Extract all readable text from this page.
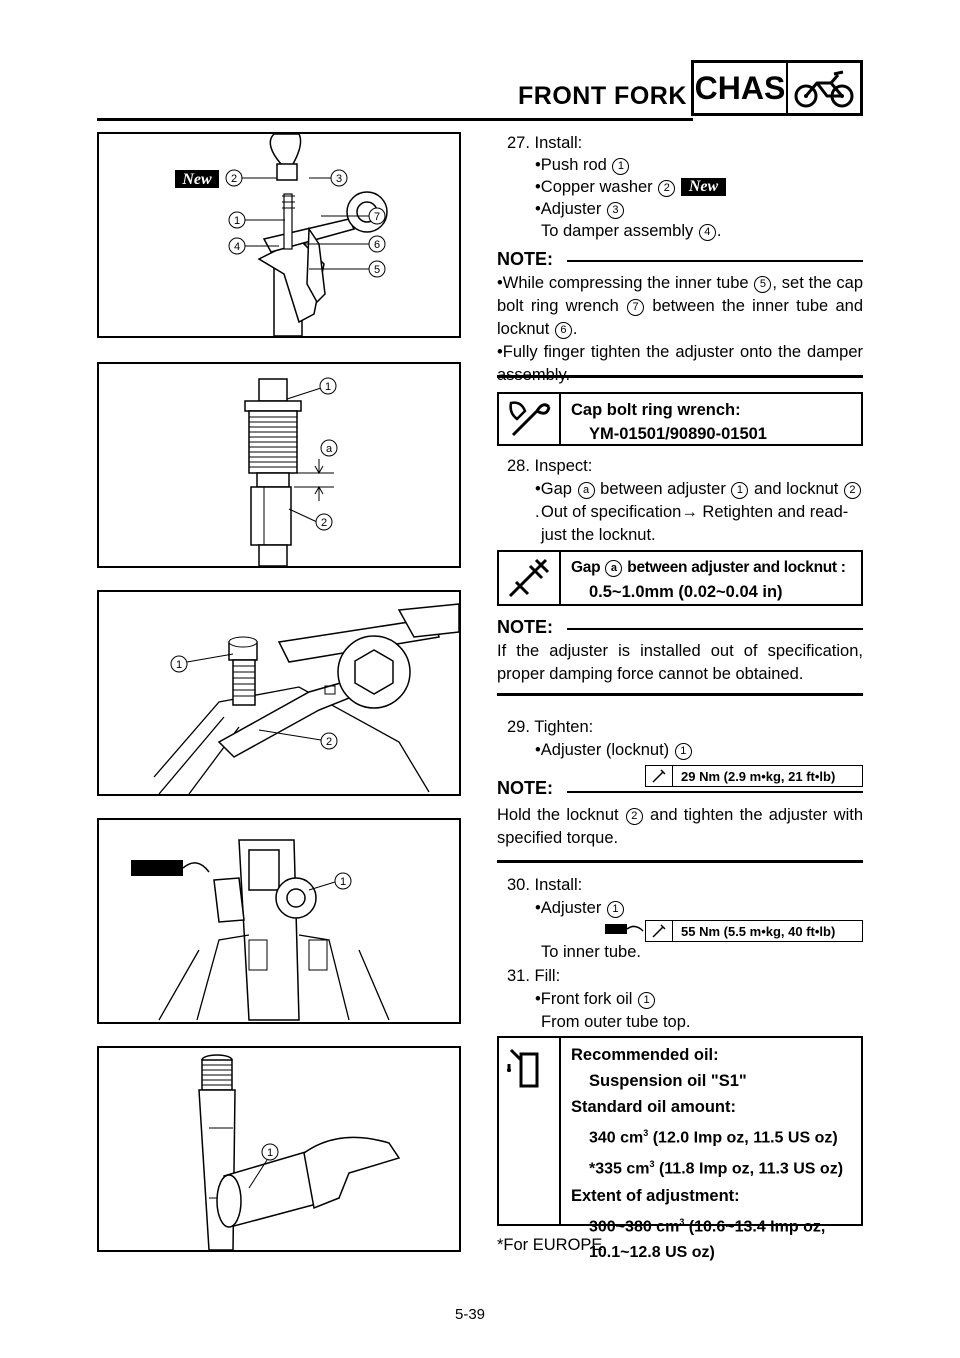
FRONT FORK CHAS
New 2	3
1	7
4	6
5
1
a
2
1
2
1
1
27. Install:
•Push rod 1
•Copper washer 2 New
•Adjuster 3
To damper assembly 4 .
NOTE:
•While compressing the inner tube 5 , set the cap bolt ring wrench 7 between the inner tube and locknut 6 .
•Fully finger tighten the adjuster onto the damper
Cap bolt ring wrench:
YM-01501/90890-01501
28. Inspect:
•Gap a between adjuster 1 and locknut 2. Out of specification→ Retighten and read-
just the locknut.
Gap a between adjuster and locknut :
0.5~1.0mm (0.02~0.04 in)
NOTE:
If the adjuster is installed out of specification, proper damping force cannot be obtained.
29. Tighten:
•Adjuster (locknut) 1
NOTE:
Hold the locknut 2 and tighten the adjuster with specified torque.
30. Install:
•Adjuster 1
To inner tube.
31. Fill:
•Front fork oil 1
From outer tube top.
Recommended oil:
Suspension oil "S1"
Standard oil amount:
340 $cm^3$ (12.0 Imp oz, 11.5 US oz)
*335 $cm^3$ (11.8 Imp oz, 11.3 US oz)
Extent of adjustment:
300~380 $cm^3$ (10.6~13.4 Imp oz,
10.1~12.8 US oz)
*For EUROPE
29 Nm (2.9 m•kg, 21 ft•lb)
55 Nm (5.5 m•kg, 40 ft•lb)
5-39
